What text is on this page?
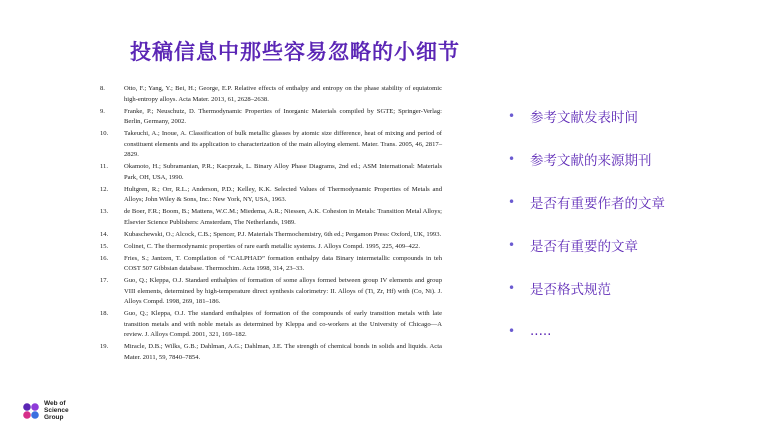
投稿信息中那些容易忽略的小细节
8.	Otto, F.; Yang, Y.; Bei, H.; George, E.P. Relative effects of enthalpy and entropy on the phase stability of equiatomic high-entropy alloys. Acta Mater. 2013, 61, 2628–2638.
9.	Franke, P.; Neuschutz, D. Thermodynamic Properties of Inorganic Materials compiled by SGTE; Springer-Verlag: Berlin, Germany, 2002.
10. Takeuchi, A.; Inoue, A. Classification of bulk metallic glasses by atomic size difference, heat of mixing and period of constituent elements and its application to characterization of the main alloying element. Mater. Trans. 2005, 46, 2817–2829.
11. Okamoto, H.; Subramanian, P.R.; Kacprzak, L. Binary Alloy Phase Diagrams, 2nd ed.; ASM International: Materials Park, OH, USA, 1990.
12. Hultgren, R.; Orr, R.L.; Anderson, P.D.; Kelley, K.K. Selected Values of Thermodynamic Properties of Metals and Alloys; John Wiley & Sons, Inc.: New York, NY, USA, 1963.
13. de Boer, F.R.; Boom, B.; Mattens, W.C.M.; Miedema, A.R.; Niessen, A.K. Cohesion in Metals: Transition Metal Alloys; Elsevier Science Publishers: Amsterdam, The Netherlands, 1989.
14. Kubaschewski, O.; Alcock, C.B.; Spencer, P.J. Materials Thermochemistry, 6th ed.; Pergamon Press: Oxford, UK, 1993.
15. Colinet, C. The thermodynamic properties of rare earth metallic systems. J. Alloys Compd. 1995, 225, 409–422.
16. Fries, S.; Jantzen, T. Compilation of “CALPHAD” formation enthalpy data Binary intermetallic compounds in teh COST 507 Gibbsian database. Thermochim. Acta 1998, 314, 23–33.
17. Guo, Q.; Kleppa, O.J. Standard enthalpies of formation of some alloys formed between group IV elements and group VIII elements, determined by high-temperature direct synthesis calorimetry: II. Alloys of (Ti, Zr, Hf) with (Co, Ni). J. Alloys Compd. 1998, 269, 181–186.
18. Guo, Q.; Kleppa, O.J. The standard enthalpies of formation of the compounds of early transition metals with late transition metals and with noble metals as determined by Kleppa and co-workers at the University of Chicago—A review. J. Alloys Compd. 2001, 321, 169–182.
19. Miracle, D.B.; Wilks, G.B.; Dahlman, A.G.; Dahlman, J.E. The strength of chemical bonds in solids and liquids. Acta Mater. 2011, 59, 7840–7854.
•	参考文献发表时间
•	参考文献的来源期刊
•	是否有重要作者的文章
•	是否有重要的文章
•	是否格式规范
•	.....
Web of
Science
Group
